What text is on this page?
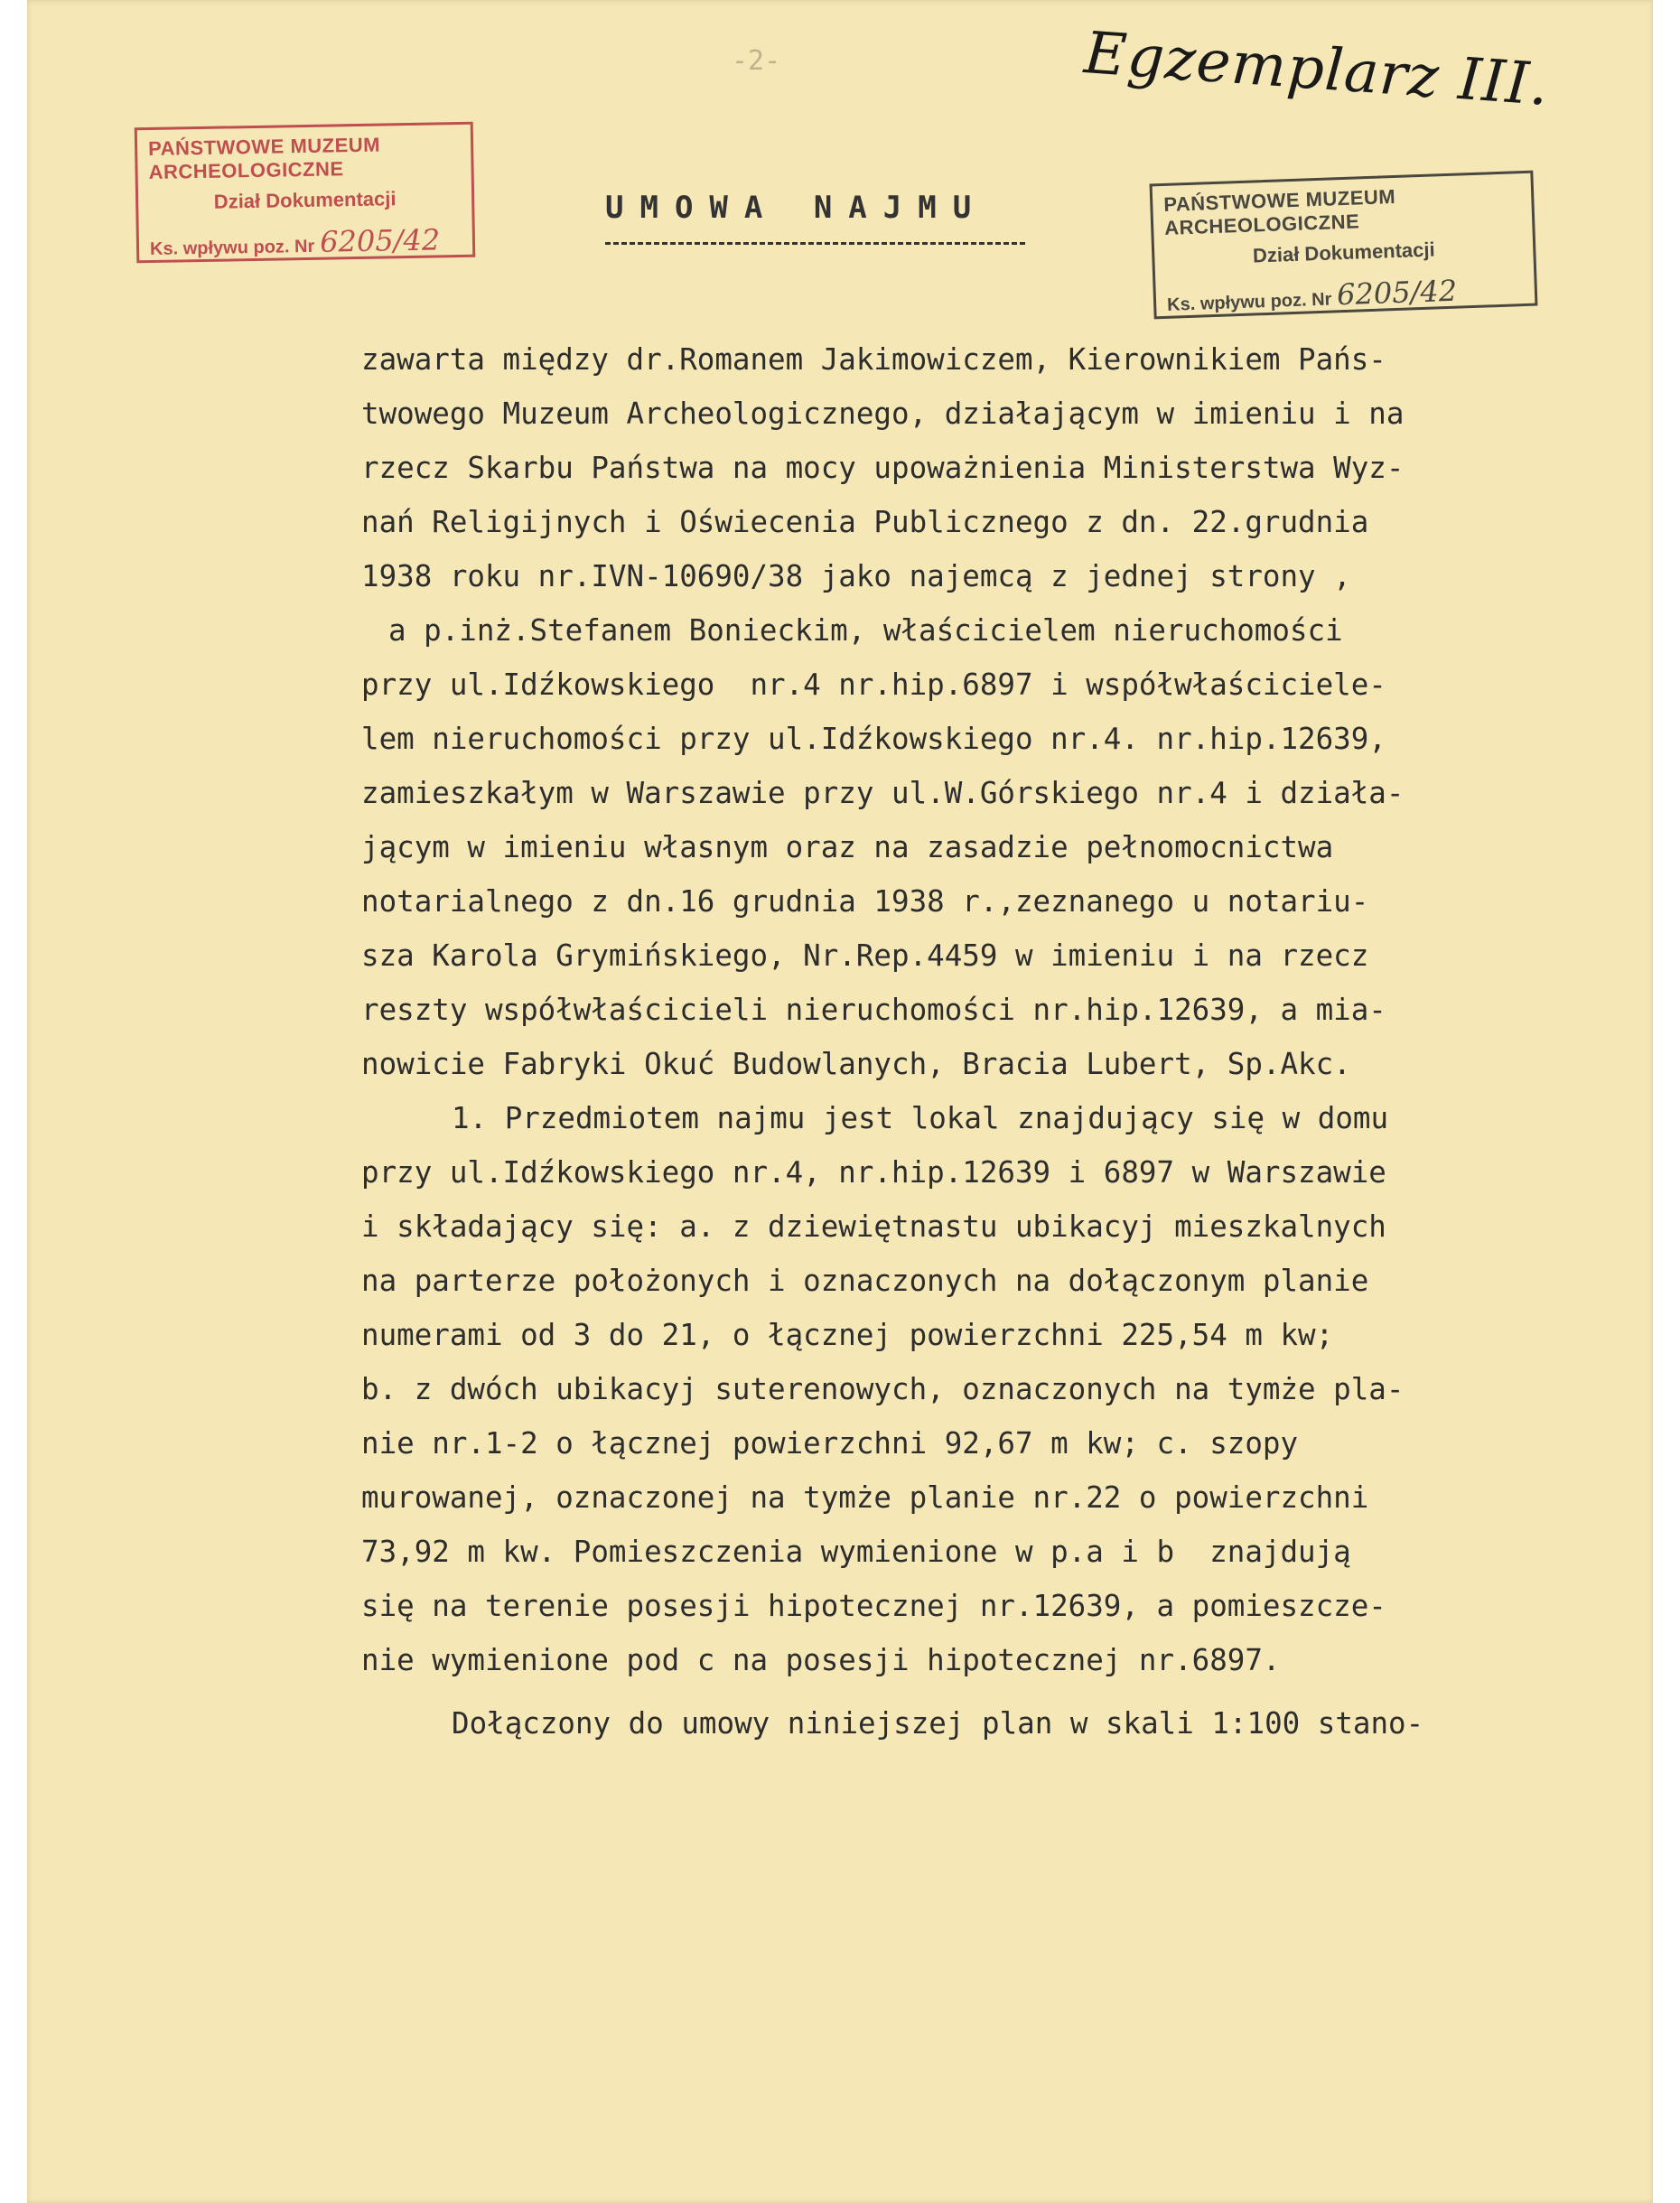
-2-	Egzemplarz III.
PAŃSTWOWE MUZEUM ARCHEOLOGICZNE
Dział Dokumentacji
Ks. wpływu poz. Nr 6205/42
PAŃSTWOWE MUZEUM ARCHEOLOGICZNE
Dział Dokumentacji
Ks. wpływu poz. Nr 6205/42
UMOWA NAJMU
zawarta między dr.Romanem Jakimowiczem, Kierownikiem Pańs-
twowego Muzeum Archeologicznego, działającym w imieniu i na
rzecz Skarbu Państwa na mocy upoważnienia Ministerstwa Wyz-
nań Religijnych i Oświecenia Publicznego z dn. 22.grudnia
1938 roku nr.IVN-10690/38 jako najemcą z jednej strony ,
a p.inż.Stefanem Bonieckim, właścicielem nieruchomości
przy ul.Idźkowskiego  nr.4 nr.hip.6897 i współwłaściciele-
lem nieruchomości przy ul.Idźkowskiego nr.4. nr.hip.12639,
zamieszkałym w Warszawie przy ul.W.Górskiego nr.4 i działa-
jącym w imieniu własnym oraz na zasadzie pełnomocnictwa
notarialnego z dn.16 grudnia 1938 r.,zeznanego u notariu-
sza Karola Grymińskiego, Nr.Rep.4459 w imieniu i na rzecz
reszty współwłaścicieli nieruchomości nr.hip.12639, a mia-
nowicie Fabryki Okuć Budowlanych, Bracia Lubert, Sp.Akc.
1. Przedmiotem najmu jest lokal znajdujący się w domu
przy ul.Idźkowskiego nr.4, nr.hip.12639 i 6897 w Warszawie
i składający się: a. z dziewiętnastu ubikacyj mieszkalnych
na parterze położonych i oznaczonych na dołączonym planie
numerami od 3 do 21, o łącznej powierzchni 225,54 m kw;
b. z dwóch ubikacyj suterenowych, oznaczonych na tymże pla-
nie nr.1-2 o łącznej powierzchni 92,67 m kw; c. szopy
murowanej, oznaczonej na tymże planie nr.22 o powierzchni
73,92 m kw. Pomieszczenia wymienione w p.a i b  znajdują
się na terenie posesji hipotecznej nr.12639, a pomieszcze-
nie wymienione pod c na posesji hipotecznej nr.6897.
Dołączony do umowy niniejszej plan w skali 1:100 stano-
